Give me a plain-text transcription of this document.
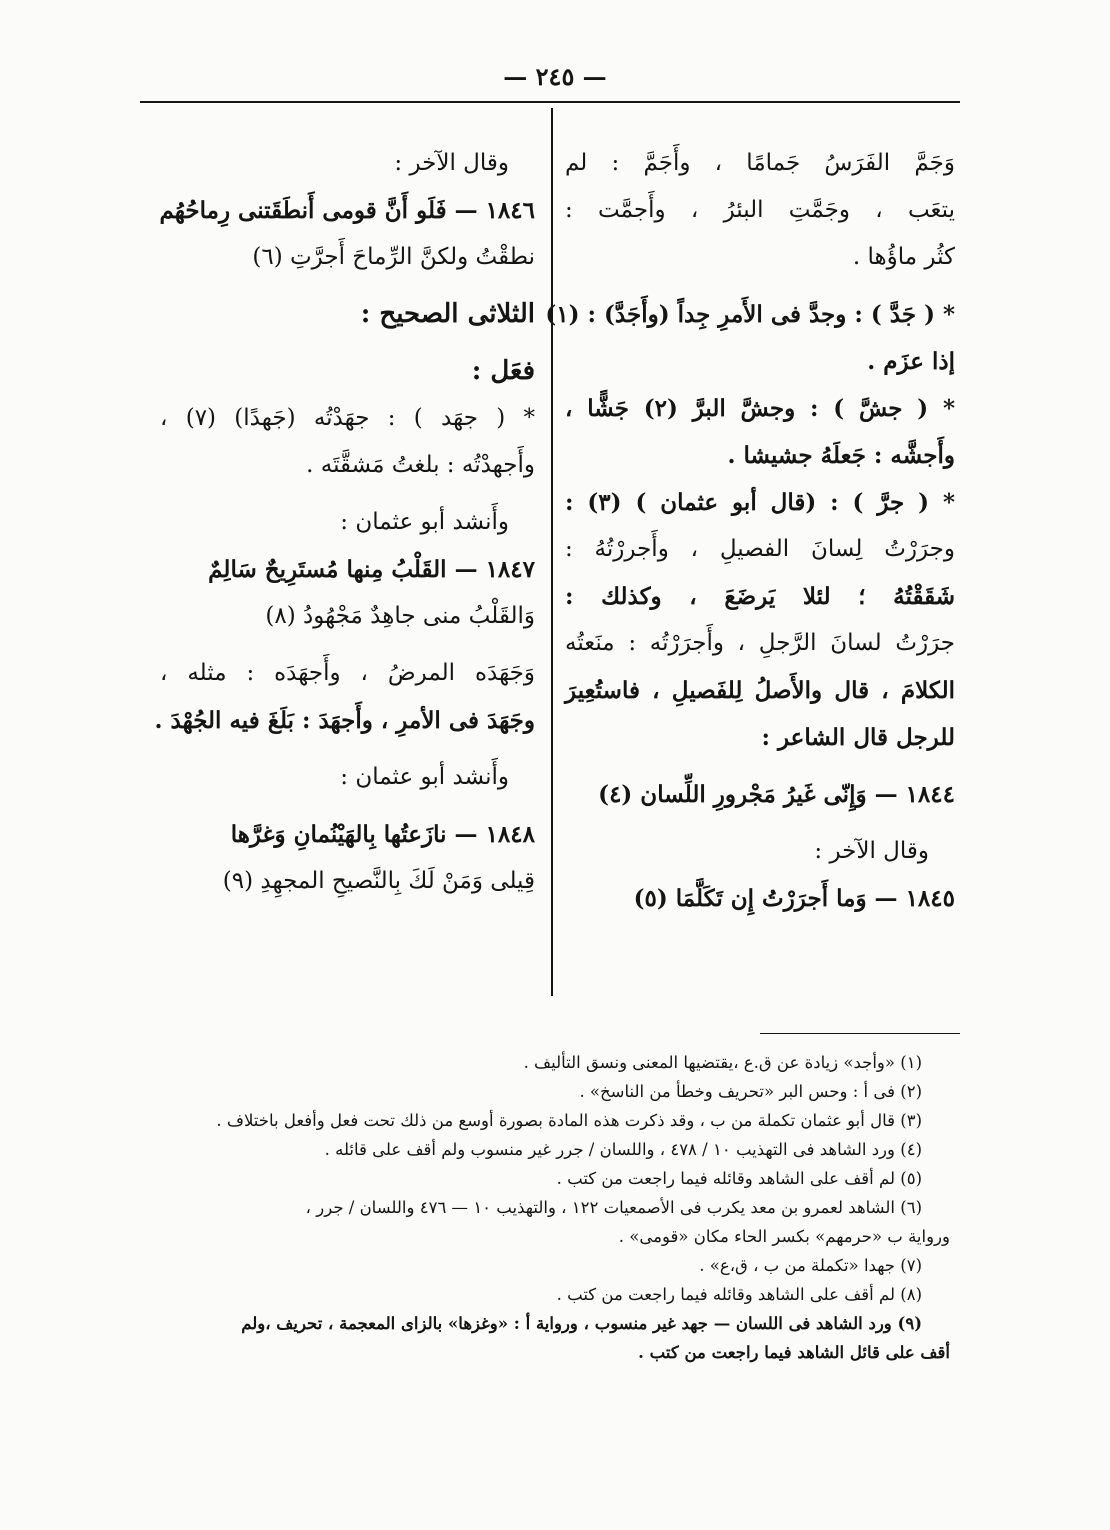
— ٢٤٥ —
وَجَمَّ الفَرَسُ جَمامًا ، وأَجَمَّ : لم
يتعَب ، وجَمَّتِ البئرُ ، وأَجمَّت :
كثُر ماؤُها .
* ( جَدَّ ) : وجدَّ فى الأَمرِ جِداً (وأَجَدَّ) : (١)
إذا عزَم .
* ( جشَّ ) : وجشَّ البرَّ (٢) جَشًّا ،
وأَجشَّه : جَعلَهُ جشيشا .
* ( جرَّ ) : (قال أبو عثمان ) (٣) :
وجرَرْتُ لِسانَ الفصيلِ ، وأَجررْتُهُ :
شَقَقْتُهُ ؛ لئلا يَرضَعَ ، وكذلك :
جرَرْتُ لسانَ الرَّجلِ ، وأَجرَرْتُه : منَعتُه
الكلامَ ، قال والأَصلُ لِلفَصيلِ ، فاستُعِيرَ
للرجل قال الشاعر :
١٨٤٤ — وَإِنّى غَيرُ مَجْرورِ اللِّسان (٤)
وقال الآخر :
١٨٤٥ — وَما أَجرَرْتُ إِن تَكَلَّمَا (٥)
وقال الآخر :
١٨٤٦ — فَلَو أَنَّ قومى أَنطَقَتنى رِماحُهُم
نطقْتُ ولكنَّ الرِّماحَ أَجرَّتِ (٦)
الثلاثى الصحيح :
فعَل :
* ( جهَد ) : جهَدْتُه (جَهدًا) (٧) ،
وأَجهدْتُه : بلغتُ مَشقَّتَه .
وأَنشد أبو عثمان :
١٨٤٧ — القَلْبُ مِنها مُستَرِيحٌ سَالِمٌ
وَالقَلْبُ منى جاهِدٌ مَجْهُودُ (٨)
وَجَهَدَه المرضُ ، وأَجهَدَه : مثله ،
وجَهَدَ فى الأمرِ ، وأَجهَدَ : بَلَغَ فيه الجُهْدَ .
وأَنشد أبو عثمان :
١٨٤٨ — نازَعتُها بِالهَيْنُمانِ وَغرَّها
قِيلى وَمَنْ لَكَ بِالنَّصيحِ المجهِدِ (٩)
(١) «وأجد» زيادة عن ق.ع ،يقتضيها المعنى ونسق التأليف .
(٢) فى أ : وحس البر «تحريف وخطأ من الناسخ» .
(٣) قال أبو عثمان تكملة من ب ، وقد ذكرت هذه المادة بصورة أوسع من ذلك تحت فعل وأفعل باختلاف .
(٤) ورد الشاهد فى التهذيب ١٠ / ٤٧٨ ، واللسان / جرر غير منسوب ولم أقف على قائله .
(٥) لم أقف على الشاهد وقائله فيما راجعت من كتب .
(٦) الشاهد لعمرو بن معد يكرب فى الأصمعيات ١٢٢ ، والتهذيب ١٠ — ٤٧٦ واللسان / جرر ،
ورواية ب «حرمهم» بكسر الحاء مكان «قومى» .
(٧) جهدا «تكملة من ب ، ق،ع» .
(٨) لم أقف على الشاهد وقائله فيما راجعت من كتب .
(٩) ورد الشاهد فى اللسان — جهد غير منسوب ، ورواية أ : «وغزها» بالزاى المعجمة ، تحريف ،ولم
أقف على قائل الشاهد فيما راجعت من كتب .
